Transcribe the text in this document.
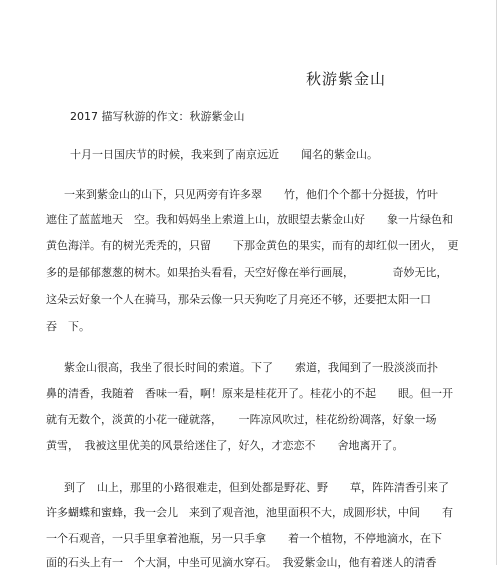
秋游紫金山
2017 描写秋游的作文：秋游紫金山
十月一日国庆节的时候，我来到了南京远近　　闻名的紫金山。
一来到紫金山的山下，只见两旁有许多翠　　竹，他们个个都十分挺拔，竹叶
遮住了蓝蓝地天　空。我和妈妈坐上索道上山，放眼望去紫金山好　　象一片绿色和
黄色海洋。有的树光秃秃的，只留　　下那金黄色的果实，而有的却红似一团火，　更
多的是郁郁葱葱的树木。如果抬头看看，天空好像在举行画展，　　　　奇妙无比，
这朵云好象一个人在骑马，那朵云像一只天狗吃了月亮还不够，还要把太阳一口
吞　下。
紫金山很高，我坐了很长时间的索道。下了　　索道，我闻到了一股淡淡而扑
鼻的清香，我随着　香味一看，啊！原来是桂花开了。桂花小的不起　　眼。但一开
就有无数个，淡黄的小花一碰就落，　　一阵凉风吹过，桂花纷纷凋落，好象一场
黄雪，　我被这里优美的风景给迷住了，好久，才恋恋不　　舍地离开了。
到了　山上，那里的小路很难走，但到处都是野花、野　　草，阵阵清香引来了
许多蝴蝶和蜜蜂，我一会儿　来到了观音池，池里面积不大，成圆形状，中间　　有
一个石观音，一只手里拿着池瓶，另一只手拿　　着一个植物，不停地滴水，在下
面的石头上有一　个大洞，中坐可见滴水穿石。　我爱紫金山，他有着迷人的清香
